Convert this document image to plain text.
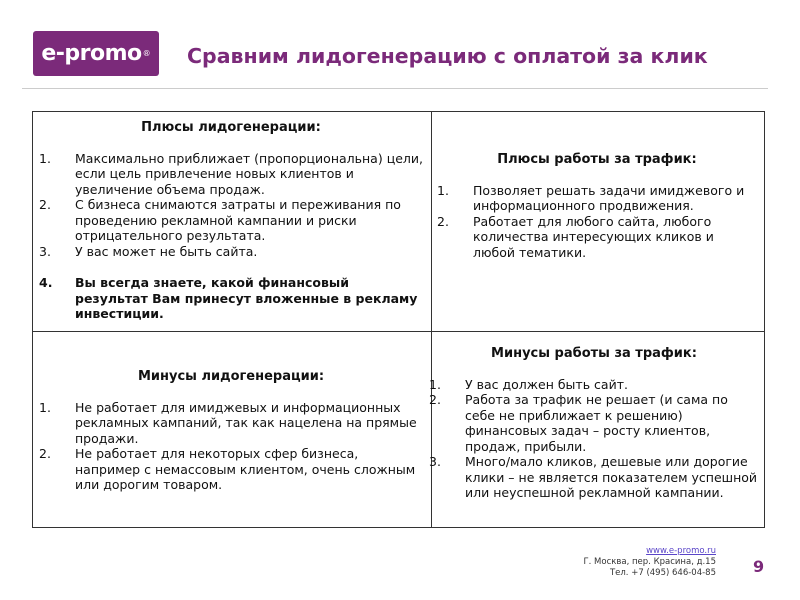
e-promo ® Сравним лидогенерацию с оплатой за клик
Плюсы лидогенерации:
1. Максимально приближает (пропорциональна) цели, если цель привлечение новых клиентов и увеличение объема продаж.
2. С бизнеса снимаются затраты и переживания по проведению рекламной кампании и риски отрицательного результата.
3. У вас может не быть сайта.
4. Вы всегда знаете, какой финансовый результат Вам принесут вложенные в рекламу инвестиции.
Плюсы работы за трафик:
1. Позволяет решать задачи имиджевого и информационного продвижения.
2. Работает для любого сайта, любого количества интересующих кликов и любой тематики.
Минусы лидогенерации:
1. Не работает для имиджевых и информационных рекламных кампаний, так как нацелена на прямые продажи.
2. Не работает для некоторых сфер бизнеса, например с немассовым клиентом, очень сложным или дорогим товаром.
Минусы работы за трафик:
1. У вас должен быть сайт.
2. Работа за трафик не решает (и сама по себе не приближает к решению) финансовых задач – росту клиентов, продаж, прибыли.
3. Много/мало кликов, дешевые или дорогие клики – не является показателем успешной или неуспешной рекламной кампании.
www.e-promo.ru
Г. Москва, пер. Красина, д.15
Тел. +7 (495) 646-04-85 9
